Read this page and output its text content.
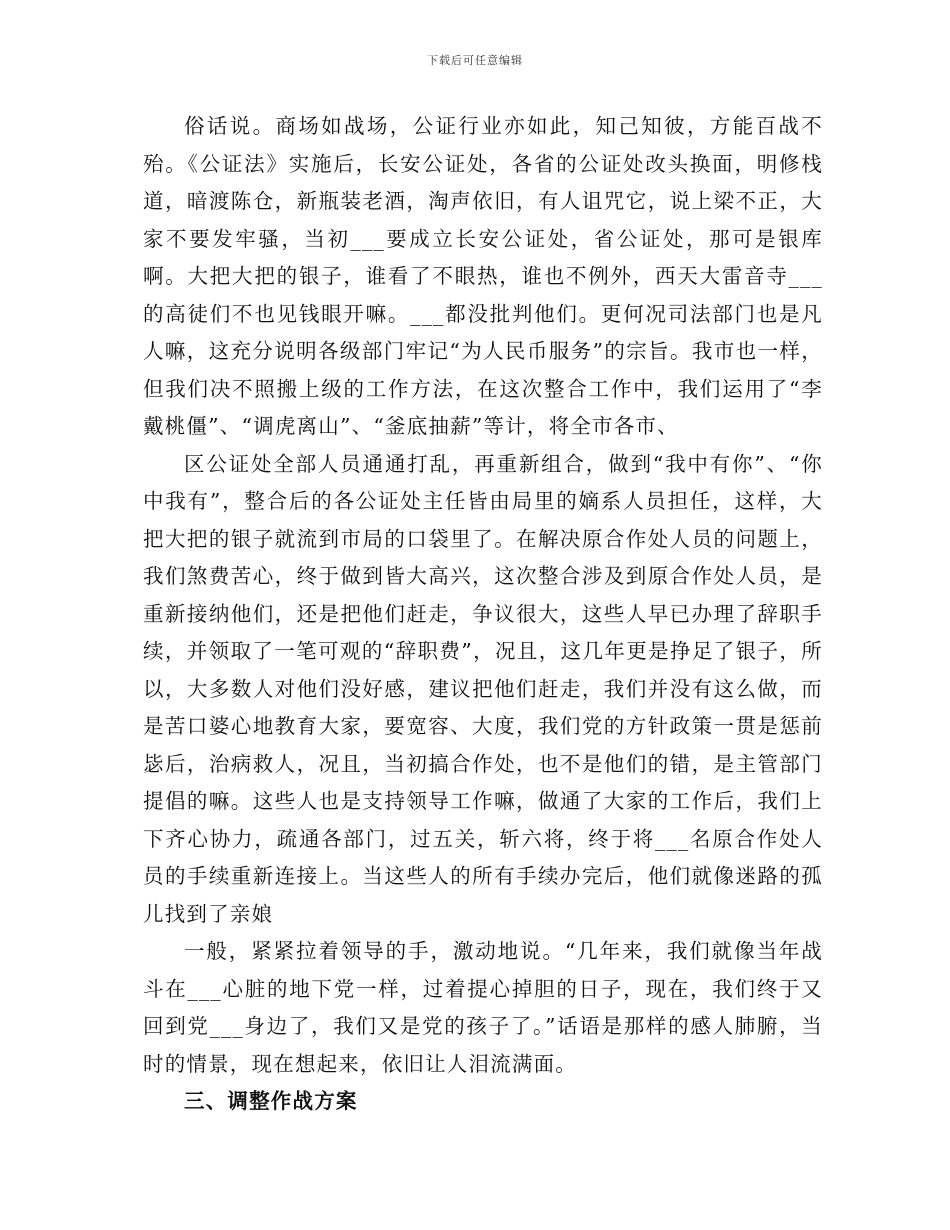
下载后可任意编辑

俗话说。商场如战场，公证行业亦如此，知己知彼，方能百战不殆。《公证法》实施后，长安公证处，各省的公证处改头换面，明修栈道，暗渡陈仓，新瓶装老酒，淘声依旧，有人诅咒它，说上梁不正，大家不要发牢骚，当初___要成立长安公证处，省公证处，那可是银库啊。大把大把的银子，谁看了不眼热，谁也不例外，西天大雷音寺___的高徒们不也见钱眼开嘛。___都没批判他们。更何况司法部门也是凡人嘛，这充分说明各级部门牢记“为人民币服务”的宗旨。我市也一样，但我们决不照搬上级的工作方法，在这次整合工作中，我们运用了“李戴桃僵”、“调虎离山”、“釜底抽薪”等计，将全市各市、

区公证处全部人员通通打乱，再重新组合，做到“我中有你”、“你中我有”，整合后的各公证处主任皆由局里的嫡系人员担任，这样，大把大把的银子就流到市局的口袋里了。在解决原合作处人员的问题上，我们煞费苦心，终于做到皆大高兴，这次整合涉及到原合作处人员，是重新接纳他们，还是把他们赶走，争议很大，这些人早已办理了辞职手续，并领取了一笔可观的“辞职费”，况且，这几年更是挣足了银子，所以，大多数人对他们没好感，建议把他们赶走，我们并没有这么做，而是苦口婆心地教育大家，要宽容、大度，我们党的方针政策一贯是惩前毖后，治病救人，况且，当初搞合作处，也不是他们的错，是主管部门提倡的嘛。这些人也是支持领导工作嘛，做通了大家的工作后，我们上下齐心协力，疏通各部门，过五关，斩六将，终于将___名原合作处人员的手续重新连接上。当这些人的所有手续办完后，他们就像迷路的孤儿找到了亲娘

一般，紧紧拉着领导的手，激动地说。“几年来，我们就像当年战斗在___心脏的地下党一样，过着提心掉胆的日子，现在，我们终于又回到党___身边了，我们又是党的孩子了。”话语是那样的感人肺腑，当时的情景，现在想起来，依旧让人泪流满面。

三、调整作战方案
